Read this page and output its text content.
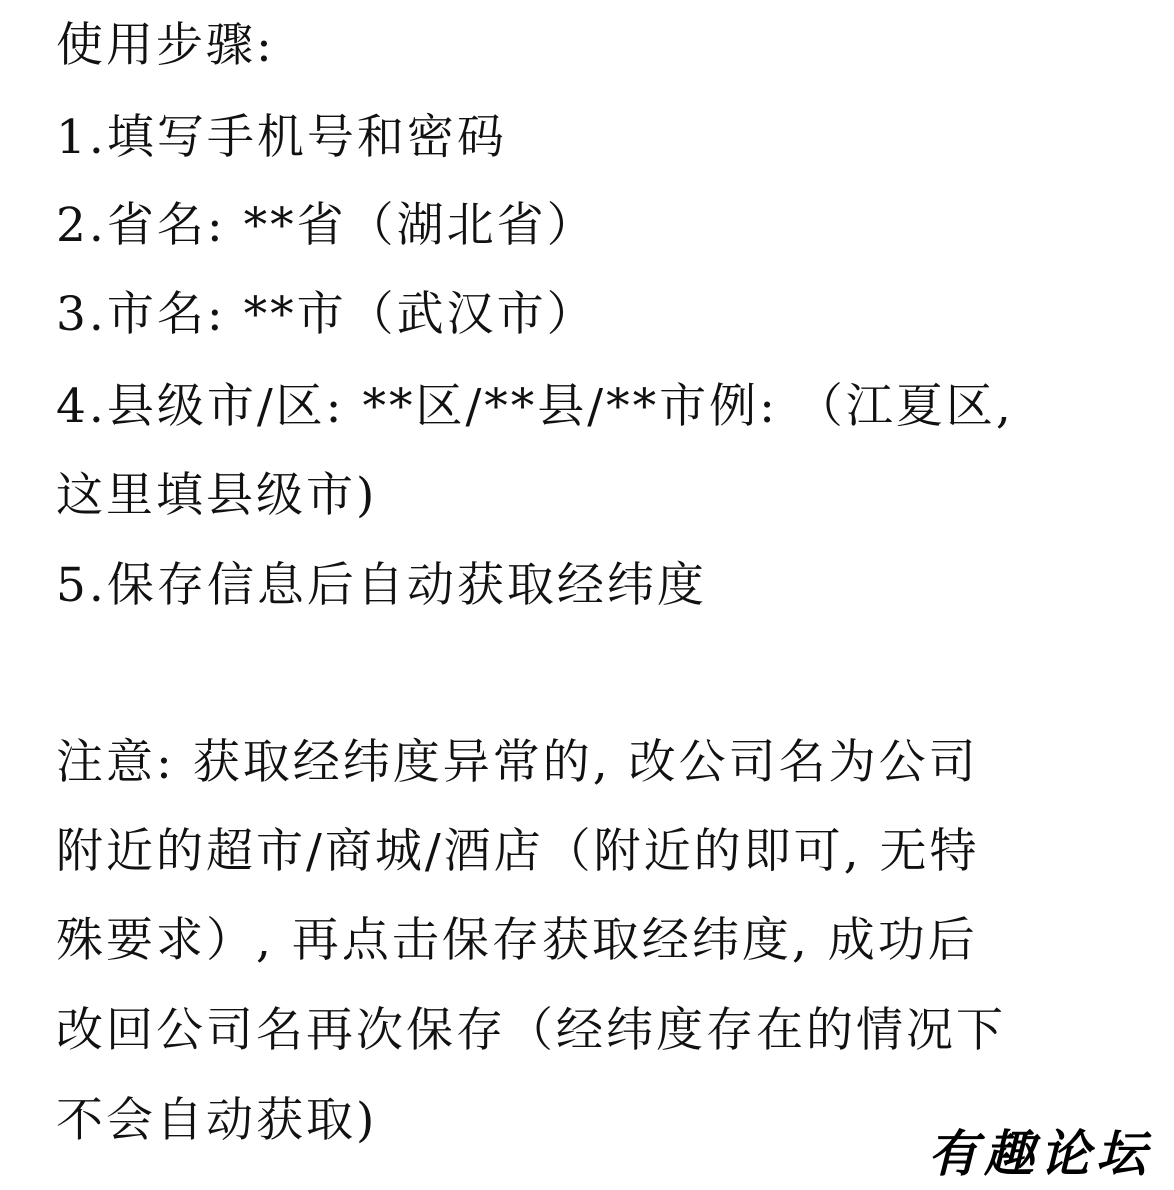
使用步骤:
1.填写手机号和密码
2.省名: **省（湖北省）
3.市名: **市（武汉市）
4.县级市/区: **区/**县/**市例: （江夏区,
这里填县级市)
5.保存信息后自动获取经纬度
注意: 获取经纬度异常的, 改公司名为公司
附近的超市/商城/酒店（附近的即可, 无特
殊要求）, 再点击保存获取经纬度, 成功后
改回公司名再次保存（经纬度存在的情况下
不会自动获取)
有趣论坛
